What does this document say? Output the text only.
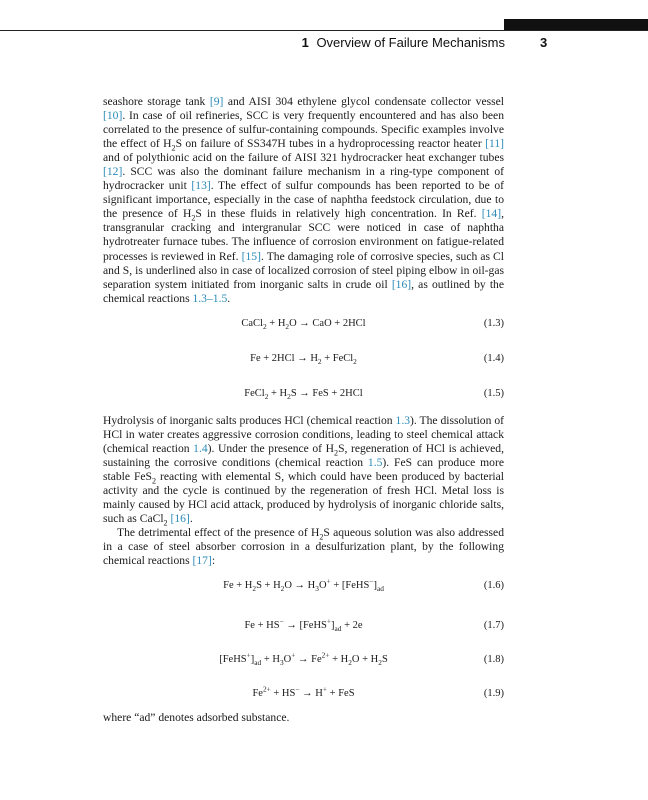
1 Overview of Failure Mechanisms	3

seashore storage tank [9] and AISI 304 ethylene glycol condensate collector vessel [10]. In case of oil refineries, SCC is very frequently encountered and has also been correlated to the presence of sulfur-containing compounds. Specific examples involve the effect of $H_2S$ on failure of SS347H tubes in a hydroprocessing reactor heater [11] and of polythionic acid on the failure of AISI 321 hydrocracker heat exchanger tubes [12]. SCC was also the dominant failure mechanism in a ring-type component of hydrocracker unit [13]. The effect of sulfur compounds has been reported to be of significant importance, especially in the case of naphtha feedstock circulation, due to the presence of $H_2S$ in these fluids in relatively high concentration. In Ref. [14], transgranular cracking and intergranular SCC were noticed in case of naphtha hydrotreater furnace tubes. The influence of corrosion environment on fatigue-related processes is reviewed in Ref. [15]. The damaging role of corrosive species, such as Cl and S, is underlined also in case of localized corrosion of steel piping elbow in oil-gas separation system initiated from inorganic salts in crude oil [16], as outlined by the chemical reactions 1.3–1.5.

CaCl$_2$ + $H_2O$ → CaO + 2HCl	(1.3)
$Fe + 2HCl \to H_2$ + FeCl$_2$	(1.4)
FeCl$_2$ + $H_2S$ → FeS + 2HCl	(1.5)

Hydrolysis of inorganic salts produces HCl (chemical reaction 1.3). The dissolution of HCl in water creates aggressive corrosion conditions, leading to steel chemical attack (chemical reaction 1.4). Under the presence of $H_2S$, regeneration of HCl is achieved, sustaining the corrosive conditions (chemical reaction 1.5). FeS can produce more stable FeS$_2$ reacting with elemental S, which could have been produced by bacterial activity and the cycle is continued by the regeneration of fresh HCl. Metal loss is mainly caused by HCl acid attack, produced by hydrolysis of inorganic chloride salts, such as CaCl$_2$ [16].

The detrimental effect of the presence of $H_2S$ aqueous solution was also addressed in a case of steel absorber corrosion in a desulfurization plant, by the following chemical reactions [17]:

$Fe + H_2S + H_2O \to H_3O^+$ + $[FeHS^-]_{ad}$	(1.6)
$Fe + HS^- \to [FeHS^+]_{ad} + 2e$	(1.7)
$[FeHS^+]_{ad} + H_3O^+ \to Fe^{2+} + H_2O + H_2S$	(1.8)
$Fe^{2+} + HS^- \to H^+$ + FeS	(1.9)
where “ad” denotes adsorbed substance.
